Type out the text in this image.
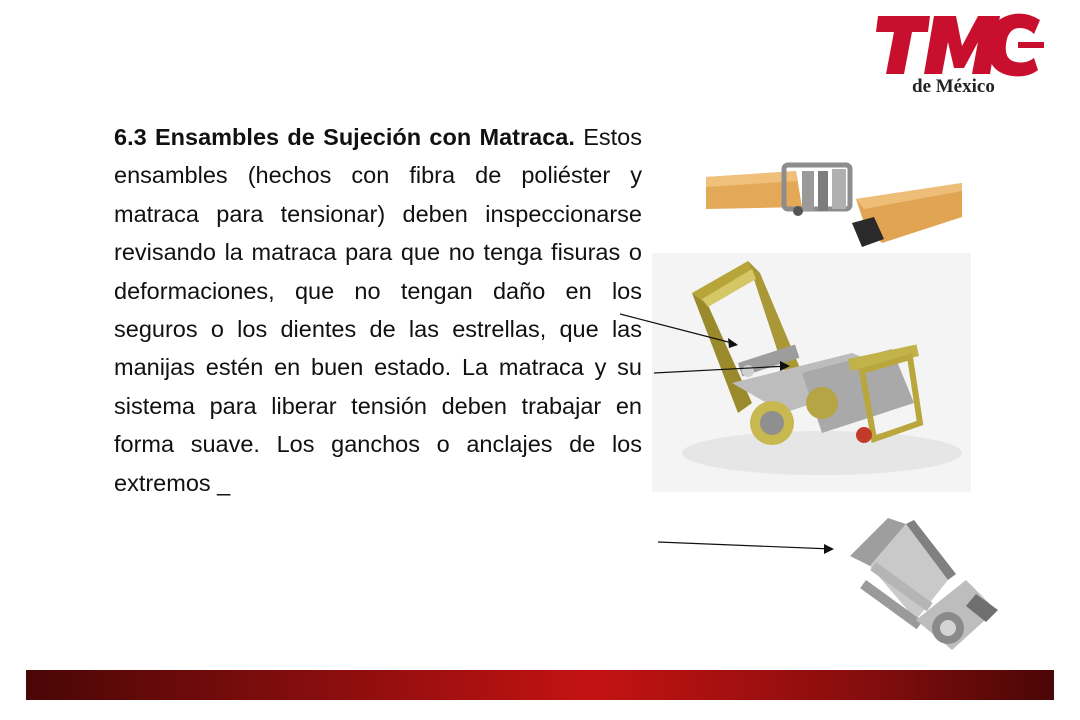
de México
6.3 Ensambles de Sujeción con Matraca. Estos ensambles (hechos con fibra de poliéster y matraca para tensionar) deben inspeccionarse revisando la matraca para que no tenga fisuras o deformaciones, que no tengan daño en los seguros o los dientes de las estrellas, que las manijas estén en buen estado. La matraca y su sistema para liberar tensión deben trabajar en forma suave. Los ganchos o anclajes de los extremos _
